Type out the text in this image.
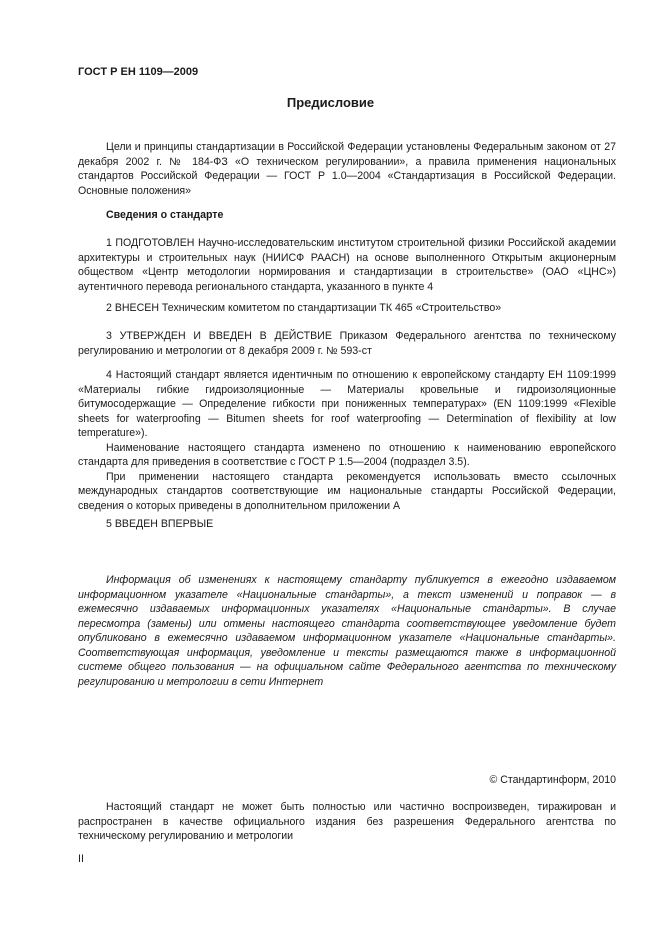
ГОСТ Р ЕН 1109—2009
Предисловие

Цели и принципы стандартизации в Российской Федерации установлены Федеральным законом от 27 декабря 2002 г. № 184-ФЗ «О техническом регулировании», а правила применения национальных стандартов Российской Федерации — ГОСТ Р 1.0—2004 «Стандартизация в Российской Федерации. Основные положения»

Сведения о стандарте

1 ПОДГОТОВЛЕН Научно-исследовательским институтом строительной физики Российской академии архитектуры и строительных наук (НИИСФ РААСН) на основе выполненного Открытым акционерным обществом «Центр методологии нормирования и стандартизации в строительстве» (ОАО «ЦНС») аутентичного перевода регионального стандарта, указанного в пункте 4

2 ВНЕСЕН Техническим комитетом по стандартизации ТК 465 «Строительство»

3 УТВЕРЖДЕН И ВВЕДЕН В ДЕЙСТВИЕ Приказом Федерального агентства по техническому регулированию и метрологии от 8 декабря 2009 г. № 593-ст

4 Настоящий стандарт является идентичным по отношению к европейскому стандарту ЕН 1109:1999 «Материалы гибкие гидроизоляционные — Материалы кровельные и гидроизоляционные битумосодержащие — Определение гибкости при пониженных температурах» (EN 1109:1999 «Flexible sheets for waterproofing — Bitumen sheets for roof waterproofing — Determination of flexibility at low temperature»).

Наименование настоящего стандарта изменено по отношению к наименованию европейского стандарта для приведения в соответствие с ГОСТ Р 1.5—2004 (подраздел 3.5).

При применении настоящего стандарта рекомендуется использовать вместо ссылочных международных стандартов соответствующие им национальные стандарты Российской Федерации, сведения о которых приведены в дополнительном приложении А

5 ВВЕДЕН ВПЕРВЫЕ

Информация об изменениях к настоящему стандарту публикуется в ежегодно издаваемом информационном указателе «Национальные стандарты», а текст изменений и поправок — в ежемесячно издаваемых информационных указателях «Национальные стандарты». В случае пересмотра (замены) или отмены настоящего стандарта соответствующее уведомление будет опубликовано в ежемесячно издаваемом информационном указателе «Национальные стандарты». Соответствующая информация, уведомление и тексты размещаются также в информационной системе общего пользования — на официальном сайте Федерального агентства по техническому регулированию и метрологии в сети Интернет

© Стандартинформ, 2010

Настоящий стандарт не может быть полностью или частично воспроизведен, тиражирован и распространен в качестве официального издания без разрешения Федерального агентства по техническому регулированию и метрологии

II
